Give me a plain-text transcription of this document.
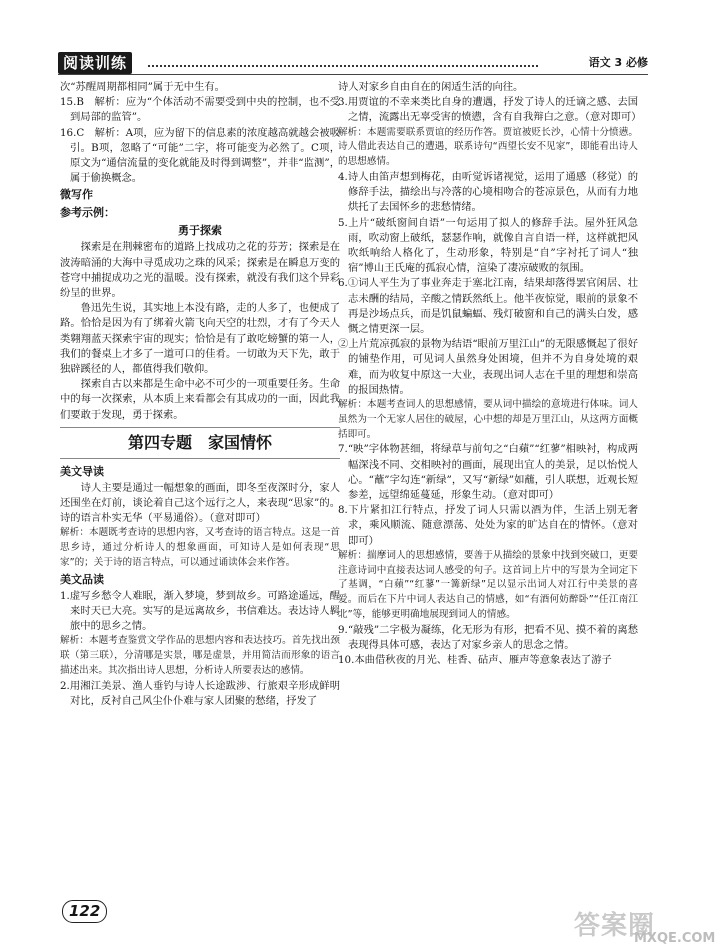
阅读训练	语文 3 必修

次“苏醒周期都相同”属于无中生有。

15.B　解析：应为“个体活动不需要受到中央的控制，也不受到局部的监管”。

16.C　解析：A项，应为留下的信息素的浓度越高就越会被吸引。B项，忽略了“可能”二字，将可能变为必然了。C项，原文为“通信流量的变化就能及时得到调整”，并非“监测”，属于偷换概念。

微写作

参考示例：

勇于探索

探索是在荆棘密布的道路上找成功之花的芬芳；探索是在波涛暗涌的大海中寻觅成功之珠的风采；探索是在瞬息万变的苍穹中捕捉成功之光的温暖。没有探索，就没有我们这个异彩纷呈的世界。

鲁迅先生说，其实地上本没有路，走的人多了，也便成了路。恰恰是因为有了绑着火箭飞向天空的壮烈，才有了今天人类翱翔蓝天探索宇宙的现实；恰恰是有了敢吃螃蟹的第一人，我们的餐桌上才多了一道可口的佳肴。一切敢为天下先，敢于独辟蹊径的人，都值得我们敬仰。

探索自古以来都是生命中必不可少的一项重要任务。生命中的每一次探索，从本质上来看都会有其成功的一面，因此我们要敢于发现，勇于探索。

第四专题　家国情怀

美文导读

诗人主要是通过一幅想象的画面，即冬至夜深时分，家人还围坐在灯前，谈论着自己这个远行之人，来表现“思家”的。诗的语言朴实无华（平易通俗）。（意对即可）

解析：本题既考查诗的思想内容，又考查诗的语言特点。这是一首思乡诗，通过分析诗人的想象画面，可知诗人是如何表现“思家”的；关于诗的语言特点，可以通过诵读体会来作答。

美文品读

1.虚写乡愁令人难眠，渐入梦境，梦到故乡。可路途遥远，醒来时天已大亮。实写的是远离故乡，书信难达。表达诗人羁旅中的思乡之情。

解析：本题考查鉴赏文学作品的思想内容和表达技巧。首先找出颈联（第三联），分清哪是实景，哪是虚景，并用简洁而形象的语言描述出来。其次指出诗人思想，分析诗人所要表达的感情。

2.用湘江美景、渔人垂钓与诗人长途跋涉、行旅艰辛形成鲜明对比，反衬自己风尘仆仆难与家人团聚的愁绪，抒发了

诗人对家乡自由自在的闲适生活的向往。

3.用贾谊的不幸来类比自身的遭遇，抒发了诗人的迁谪之感、去国之情，流露出无辜受害的愤懑，含有自我辩白之意。（意对即可）

解析：本题需要联系贾谊的经历作答。贾谊被贬长沙，心情十分愤懑。诗人借此表达自己的遭遇，联系诗句“西望长安不见家”，即能看出诗人的思想感情。

4.诗人由笛声想到梅花，由听觉诉诸视觉，运用了通感（移觉）的修辞手法，描绘出与冷落的心境相吻合的苍凉景色，从而有力地烘托了去国怀乡的悲愁情绪。

5.上片“破纸窗间自语”一句运用了拟人的修辞手法。屋外狂风急雨，吹动窗上破纸，瑟瑟作响，就像自言自语一样，这样就把风吹纸响给人格化了，生动形象，特别是“自”字衬托了词人“独宿”博山王氏庵的孤寂心情，渲染了凄凉破败的氛围。

6.①词人平生为了事业奔走于塞北江南，结果却落得罢官闲居、壮志未酬的结局，辛酸之情跃然纸上。他半夜惊觉，眼前的景象不再是沙场点兵，而是饥鼠蝙蝠、残灯破窗和自己的满头白发，感慨之情更深一层。

②上片荒凉孤寂的景物为结语“眼前万里江山”的无限感慨起了很好的铺垫作用，可见词人虽然身处困境，但并不为自身处境的艰难，而为收复中原这一大业，表现出词人志在千里的理想和崇高的报国热情。

解析：本题考查词人的思想感情，要从词中描绘的意境进行体味。词人虽然为一个无家人居住的破屋，心中想的却是万里江山，从这两方面概括即可。

7.“映”字体物甚细，将绿草与前句之“白蘋”“红蓼”相映衬，构成两幅深浅不同、交相映衬的画面，展现出宜人的美景，足以怡悦人心。“蘸”字勾连“新绿”，又写“新绿”如蘸，引人联想，近观长短参差，远望绵延蔓延，形象生动。（意对即可）

8.下片紧扣江行特点，抒发了词人只需以酒为伴，生活上别无奢求，乘风顺流、随意漂荡、处处为家的旷达自在的情怀。（意对即可）

解析：揣摩词人的思想感情，要善于从描绘的景象中找到突破口，更要注意诗词中直接表达词人感受的句子。这首词上片中的写景为全词定下了基调，“白蘋”“红蓼”一篝新绿”足以显示出词人对江行中美景的喜爱。而后在下片中词人表达自己的情感，如“有酒何妨醉卧”“任江南江北”等，能够更明确地展现到词人的情感。

9.“敲残”二字极为凝练，化无形为有形，把看不见、摸不着的离愁表现得具体可感，表达了对家乡亲人的思念之情。

10.本曲借秋夜的月光、桂香、砧声、雁声等意象表达了游子

122	答案圈
MXQE.COM
